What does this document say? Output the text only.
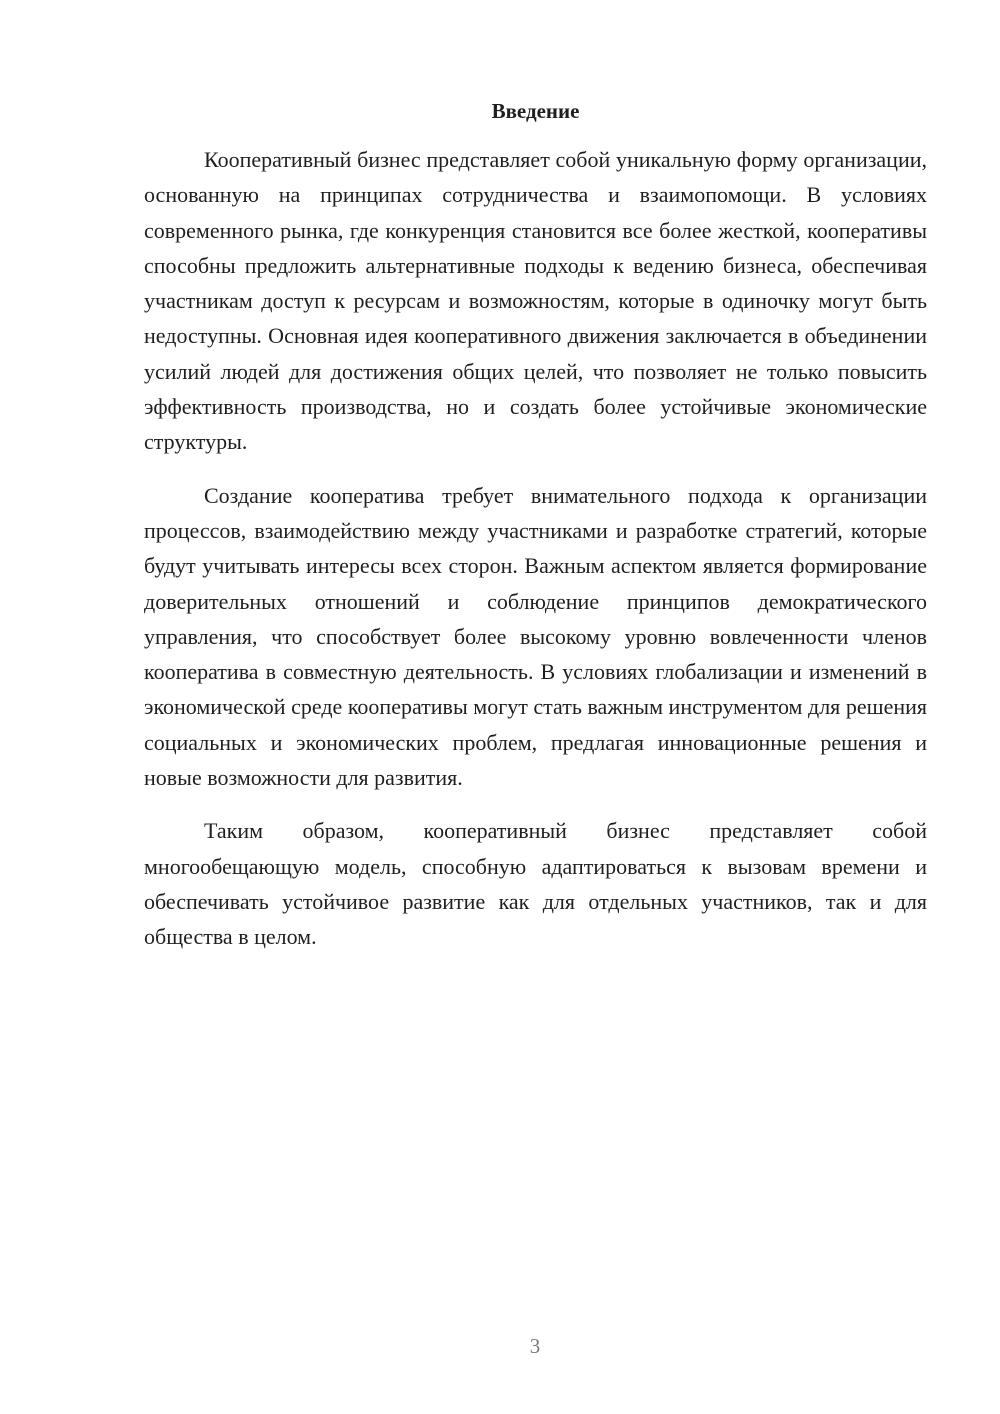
Введение

Кооперативный бизнес представляет собой уникальную форму организации, основанную на принципах сотрудничества и взаимопомощи. В условиях современного рынка, где конкуренция становится все более жесткой, кооперативы способны предложить альтернативные подходы к ведению бизнеса, обеспечивая участникам доступ к ресурсам и возможностям, которые в одиночку могут быть недоступны. Основная идея кооперативного движения заключается в объединении усилий людей для достижения общих целей, что позволяет не только повысить эффективность производства, но и создать более устойчивые экономические структуры.

Создание кооператива требует внимательного подхода к организации процессов, взаимодействию между участниками и разработке стратегий, которые будут учитывать интересы всех сторон. Важным аспектом является формирование доверительных отношений и соблюдение принципов демократического управления, что способствует более высокому уровню вовлеченности членов кооператива в совместную деятельность. В условиях глобализации и изменений в экономической среде кооперативы могут стать важным инструментом для решения социальных и экономических проблем, предлагая инновационные решения и новые возможности для развития.

Таким образом, кооперативный бизнес представляет собой многообещающую модель, способную адаптироваться к вызовам времени и обеспечивать устойчивое развитие как для отдельных участников, так и для общества в целом.

3
